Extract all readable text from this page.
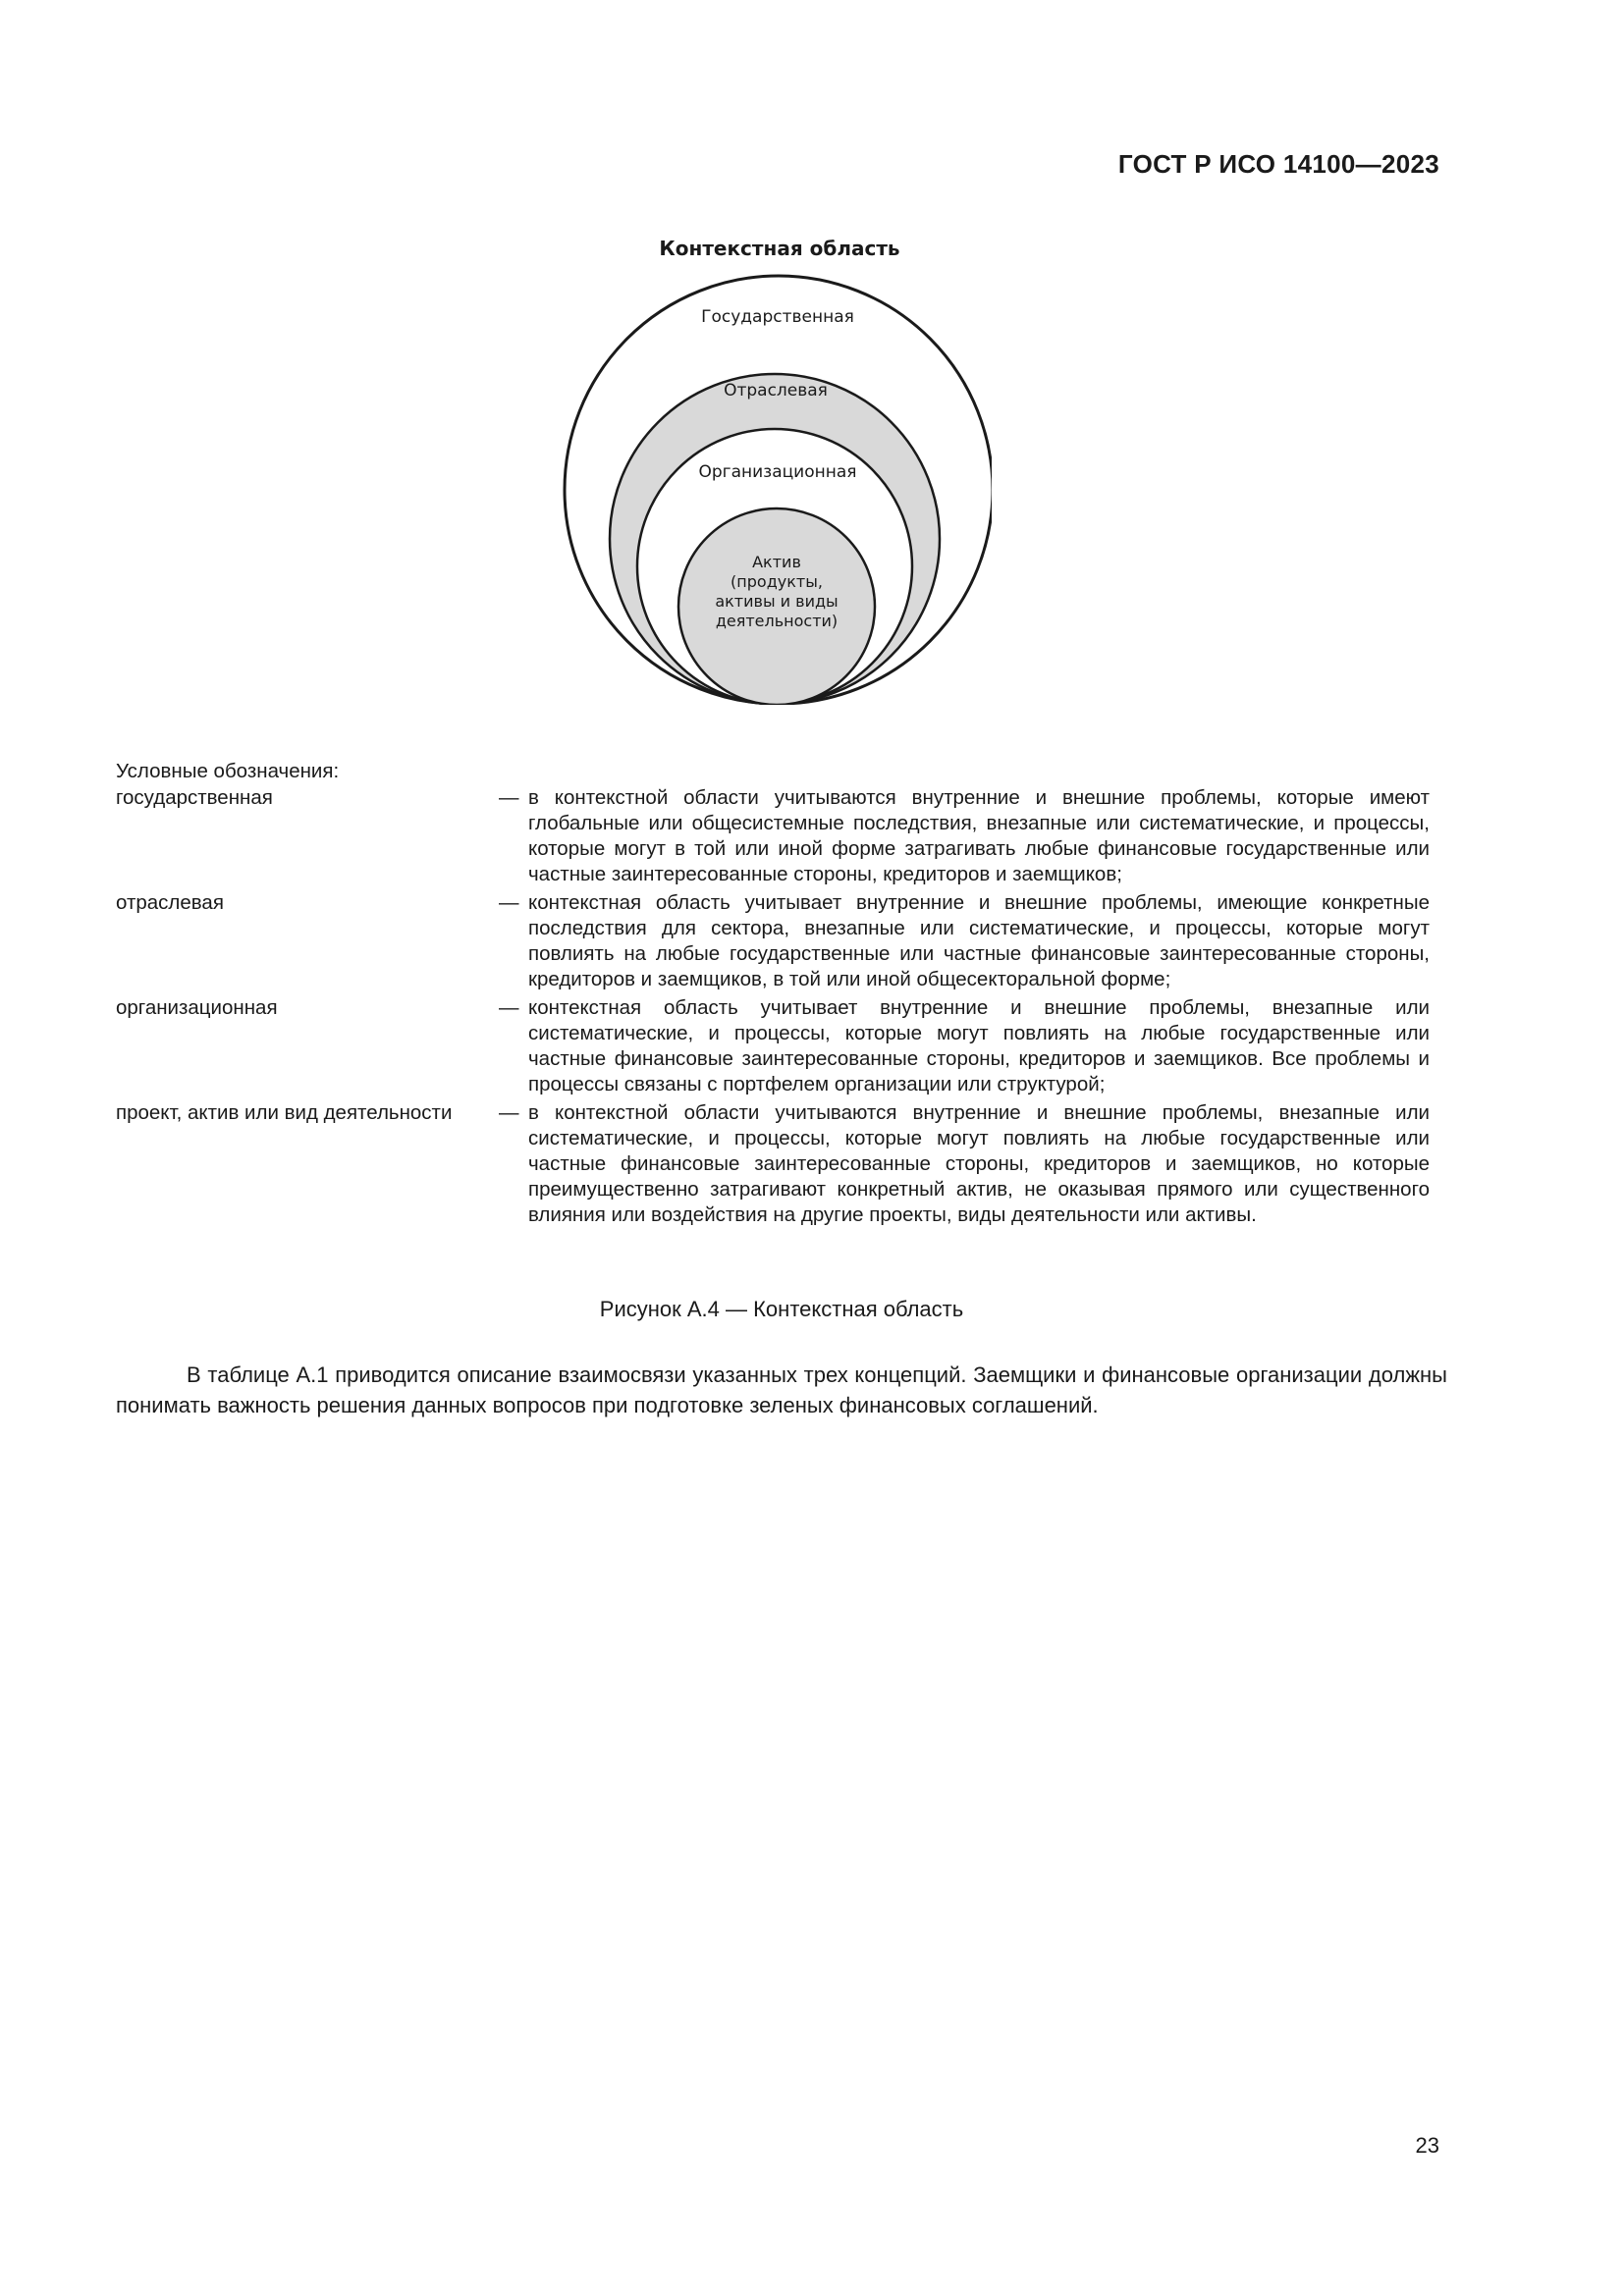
ГОСТ Р ИСО 14100—2023
Контекстная область
Государственная
Отраслевая
Организационная
Актив
(продукты,
активы и виды
деятельности)
Условные обозначения:
государственная	— в контекстной области учитываются внутренние и внешние проблемы, которые имеют глобальные или общесистемные последствия, внезапные или систематические, и процессы, которые могут в той или иной форме затрагивать любые финансовые государственные или частные заинтересованные стороны, кредиторов и заемщиков;
отраслевая	— контекстная область учитывает внутренние и внешние проблемы, имеющие конкретные последствия для сектора, внезапные или систематические, и процессы, которые могут повлиять на любые государственные или частные финансовые заинтересованные стороны, кредиторов и заемщиков, в той или иной общесекторальной форме;
организационная	— контекстная область учитывает внутренние и внешние проблемы, внезапные или систематические, и процессы, которые могут повлиять на любые государственные или частные финансовые заинтересованные стороны, кредиторов и заемщиков. Все проблемы и процессы связаны с портфелем организации или структурой;
проект, актив или вид деятельности	— в контекстной области учитываются внутренние и внешние проблемы, внезапные или систематические, и процессы, которые могут повлиять на любые государственные или частные финансовые заинтересованные стороны, кредиторов и заемщиков, но которые преимущественно затрагивают конкретный актив, не оказывая прямого или существенного влияния или воздействия на другие проекты, виды деятельности или активы.
Рисунок А.4 — Контекстная область
В таблице А.1 приводится описание взаимосвязи указанных трех концепций. Заемщики и финансовые организации должны понимать важность решения данных вопросов при подготовке зеленых финансовых соглашений.
23
